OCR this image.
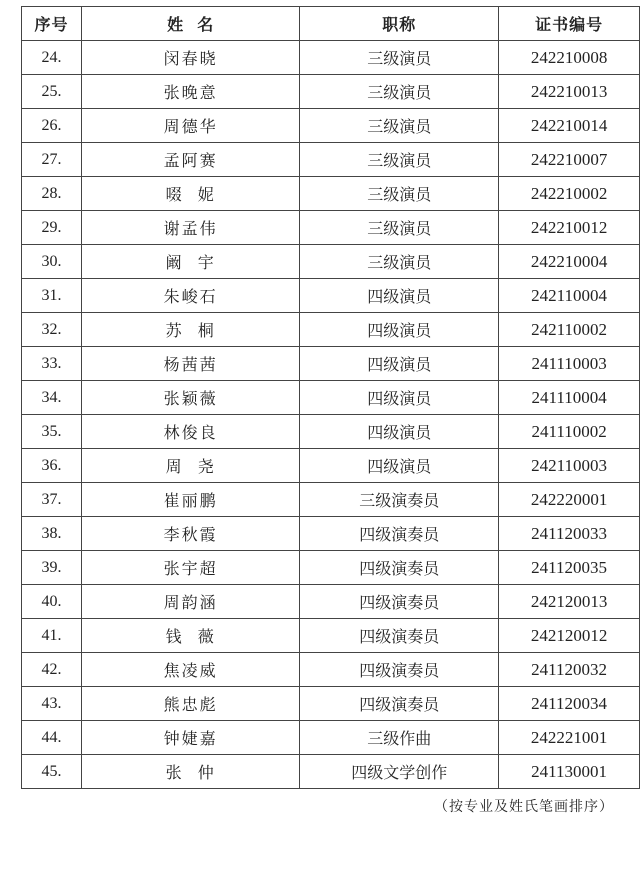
序号	姓  名	职称	证书编号
24.	闵春晓	三级演员	242210008
25.	张晚意	三级演员	242210013
26.	周德华	三级演员	242210014
27.	孟阿赛	三级演员	242210007
28.	啜  妮	三级演员	242210002
29.	谢孟伟	三级演员	242210012
30.	阚  宇	三级演员	242210004
31.	朱峻石	四级演员	242110004
32.	苏  桐	四级演员	242110002
33.	杨茜茜	四级演员	241110003
34.	张颖薇	四级演员	241110004
35.	林俊良	四级演员	241110002
36.	周  尧	四级演员	242110003
37.	崔丽鹏	三级演奏员	242220001
38.	李秋霞	四级演奏员	241120033
39.	张宇超	四级演奏员	241120035
40.	周韵涵	四级演奏员	242120013
41.	钱  薇	四级演奏员	242120012
42.	焦凌威	四级演奏员	241120032
43.	熊忠彪	四级演奏员	241120034
44.	钟婕嘉	三级作曲	242221001
45.	张  仲	四级文学创作	241130001
（按专业及姓氏笔画排序）
